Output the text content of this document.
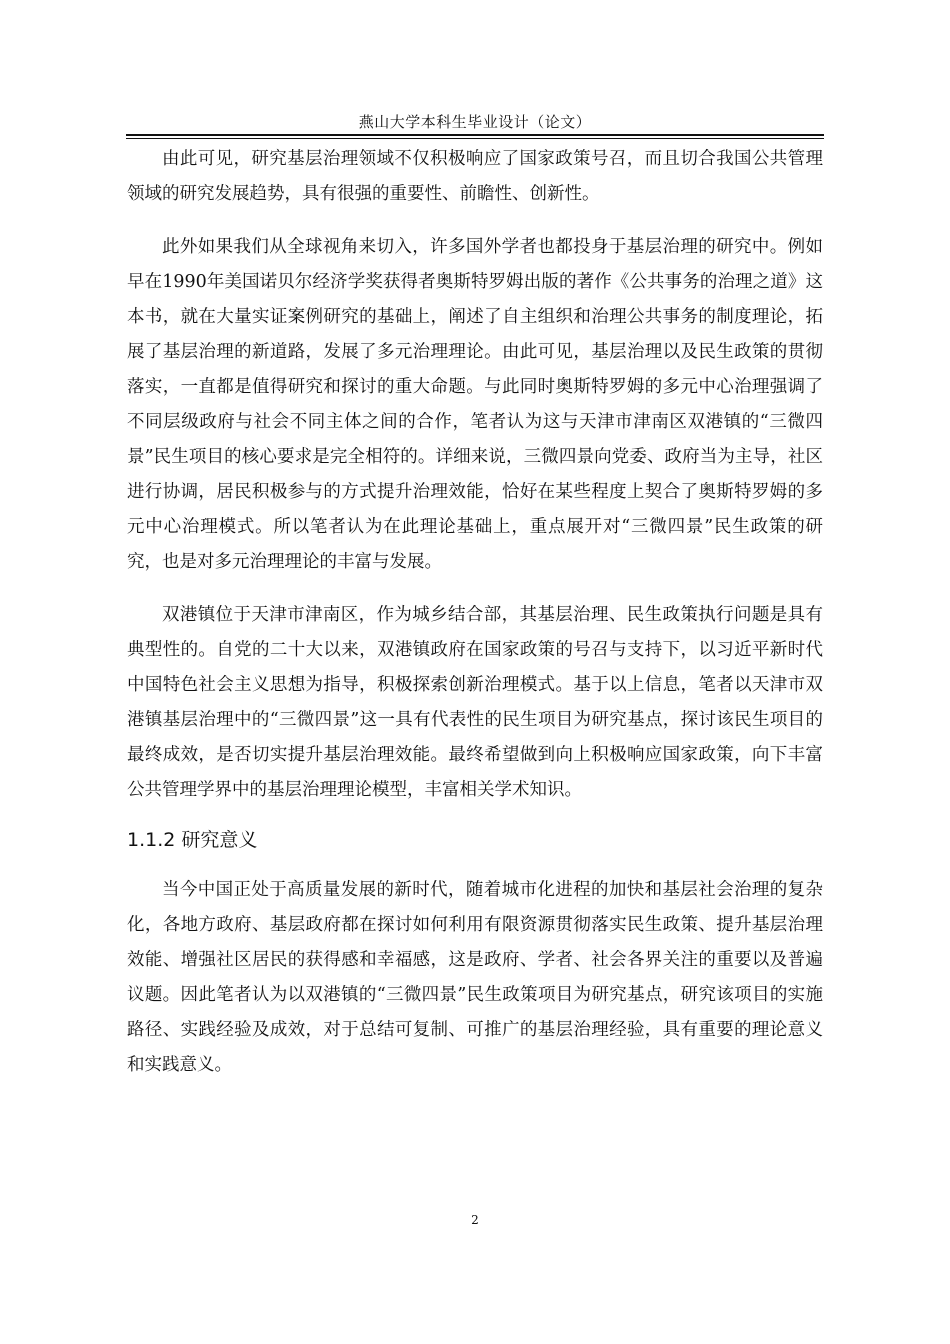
燕山大学本科生毕业设计（论文）

由此可见，研究基层治理领域不仅积极响应了国家政策号召，而且切合我国公共管理领域的研究发展趋势，具有很强的重要性、前瞻性、创新性。

此外如果我们从全球视角来切入，许多国外学者也都投身于基层治理的研究中。例如早在1990年美国诺贝尔经济学奖获得者奥斯特罗姆出版的著作《公共事务的治理之道》这本书，就在大量实证案例研究的基础上，阐述了自主组织和治理公共事务的制度理论，拓展了基层治理的新道路，发展了多元治理理论。由此可见，基层治理以及民生政策的贯彻落实，一直都是值得研究和探讨的重大命题。与此同时奥斯特罗姆的多元中心治理强调了不同层级政府与社会不同主体之间的合作，笔者认为这与天津市津南区双港镇的“三微四景”民生项目的核心要求是完全相符的。详细来说，三微四景向党委、政府当为主导，社区进行协调，居民积极参与的方式提升治理效能，恰好在某些程度上契合了奥斯特罗姆的多元中心治理模式。所以笔者认为在此理论基础上，重点展开对“三微四景”民生政策的研究，也是对多元治理理论的丰富与发展。

双港镇位于天津市津南区，作为城乡结合部，其基层治理、民生政策执行问题是具有典型性的。自党的二十大以来，双港镇政府在国家政策的号召与支持下，以习近平新时代中国特色社会主义思想为指导，积极探索创新治理模式。基于以上信息，笔者以天津市双港镇基层治理中的“三微四景”这一具有代表性的民生项目为研究基点，探讨该民生项目的最终成效，是否切实提升基层治理效能。最终希望做到向上积极响应国家政策，向下丰富公共管理学界中的基层治理理论模型，丰富相关学术知识。

1.1.2 研究意义

当今中国正处于高质量发展的新时代，随着城市化进程的加快和基层社会治理的复杂化，各地方政府、基层政府都在探讨如何利用有限资源贯彻落实民生政策、提升基层治理效能、增强社区居民的获得感和幸福感，这是政府、学者、社会各界关注的重要以及普遍议题。因此笔者认为以双港镇的“三微四景”民生政策项目为研究基点，研究该项目的实施路径、实践经验及成效，对于总结可复制、可推广的基层治理经验，具有重要的理论意义和实践意义。

2
